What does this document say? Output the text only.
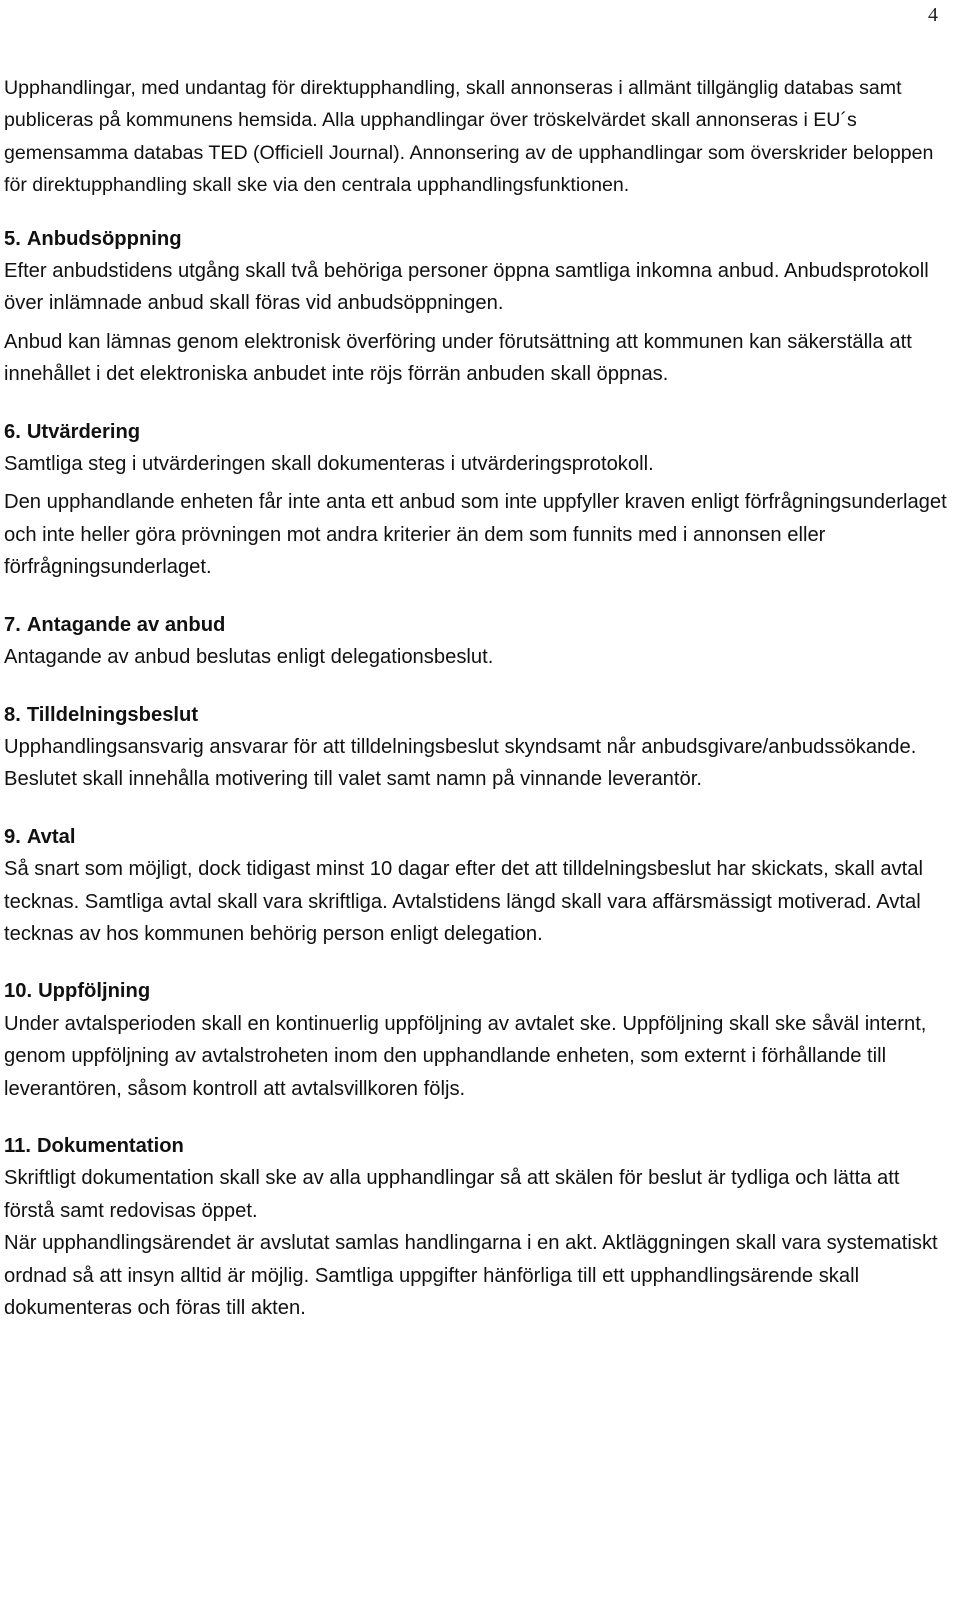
4

Upphandlingar, med undantag för direktupphandling, skall annonseras i allmänt tillgänglig databas samt publiceras på kommunens hemsida. Alla upphandlingar över tröskelvärdet skall annonseras i EU´s gemensamma databas TED (Officiell Journal). Annonsering av de upphandlingar som överskrider beloppen för direktupphandling skall ske via den centrala upphandlingsfunktionen.

5. Anbudsöppning

Efter anbudstidens utgång skall två behöriga personer öppna samtliga inkomna anbud. Anbudsprotokoll över inlämnade anbud skall föras vid anbudsöppningen.

Anbud kan lämnas genom elektronisk överföring under förutsättning att kommunen kan säkerställa att innehållet i det elektroniska anbudet inte röjs förrän anbuden skall öppnas.

6. Utvärdering

Samtliga steg i utvärderingen skall dokumenteras i utvärderingsprotokoll.

Den upphandlande enheten får inte anta ett anbud som inte uppfyller kraven enligt förfrågningsunderlaget och inte heller göra prövningen mot andra kriterier än dem som funnits med i annonsen eller förfrågningsunderlaget.

7. Antagande av anbud

Antagande av anbud beslutas enligt delegationsbeslut.

8. Tilldelningsbeslut

Upphandlingsansvarig ansvarar för att tilldelningsbeslut skyndsamt når anbudsgivare/anbudssökande. Beslutet skall innehålla motivering till valet samt namn på vinnande leverantör.

9. Avtal

Så snart som möjligt, dock tidigast minst 10 dagar efter det att tilldelningsbeslut har skickats, skall avtal tecknas. Samtliga avtal skall vara skriftliga. Avtalstidens längd skall vara affärsmässigt motiverad. Avtal tecknas av hos kommunen behörig person enligt delegation.

10. Uppföljning

Under avtalsperioden skall en kontinuerlig uppföljning av avtalet ske. Uppföljning skall ske såväl internt, genom uppföljning av avtalstroheten inom den upphandlande enheten, som externt i förhållande till leverantören, såsom kontroll att avtalsvillkoren följs.

11. Dokumentation

Skriftligt dokumentation skall ske av alla upphandlingar så att skälen för beslut är tydliga och lätta att förstå samt redovisas öppet.

När upphandlingsärendet är avslutat samlas handlingarna i en akt. Aktläggningen skall vara systematiskt ordnad så att insyn alltid är möjlig. Samtliga uppgifter hänförliga till ett upphandlingsärende skall dokumenteras och föras till akten.
